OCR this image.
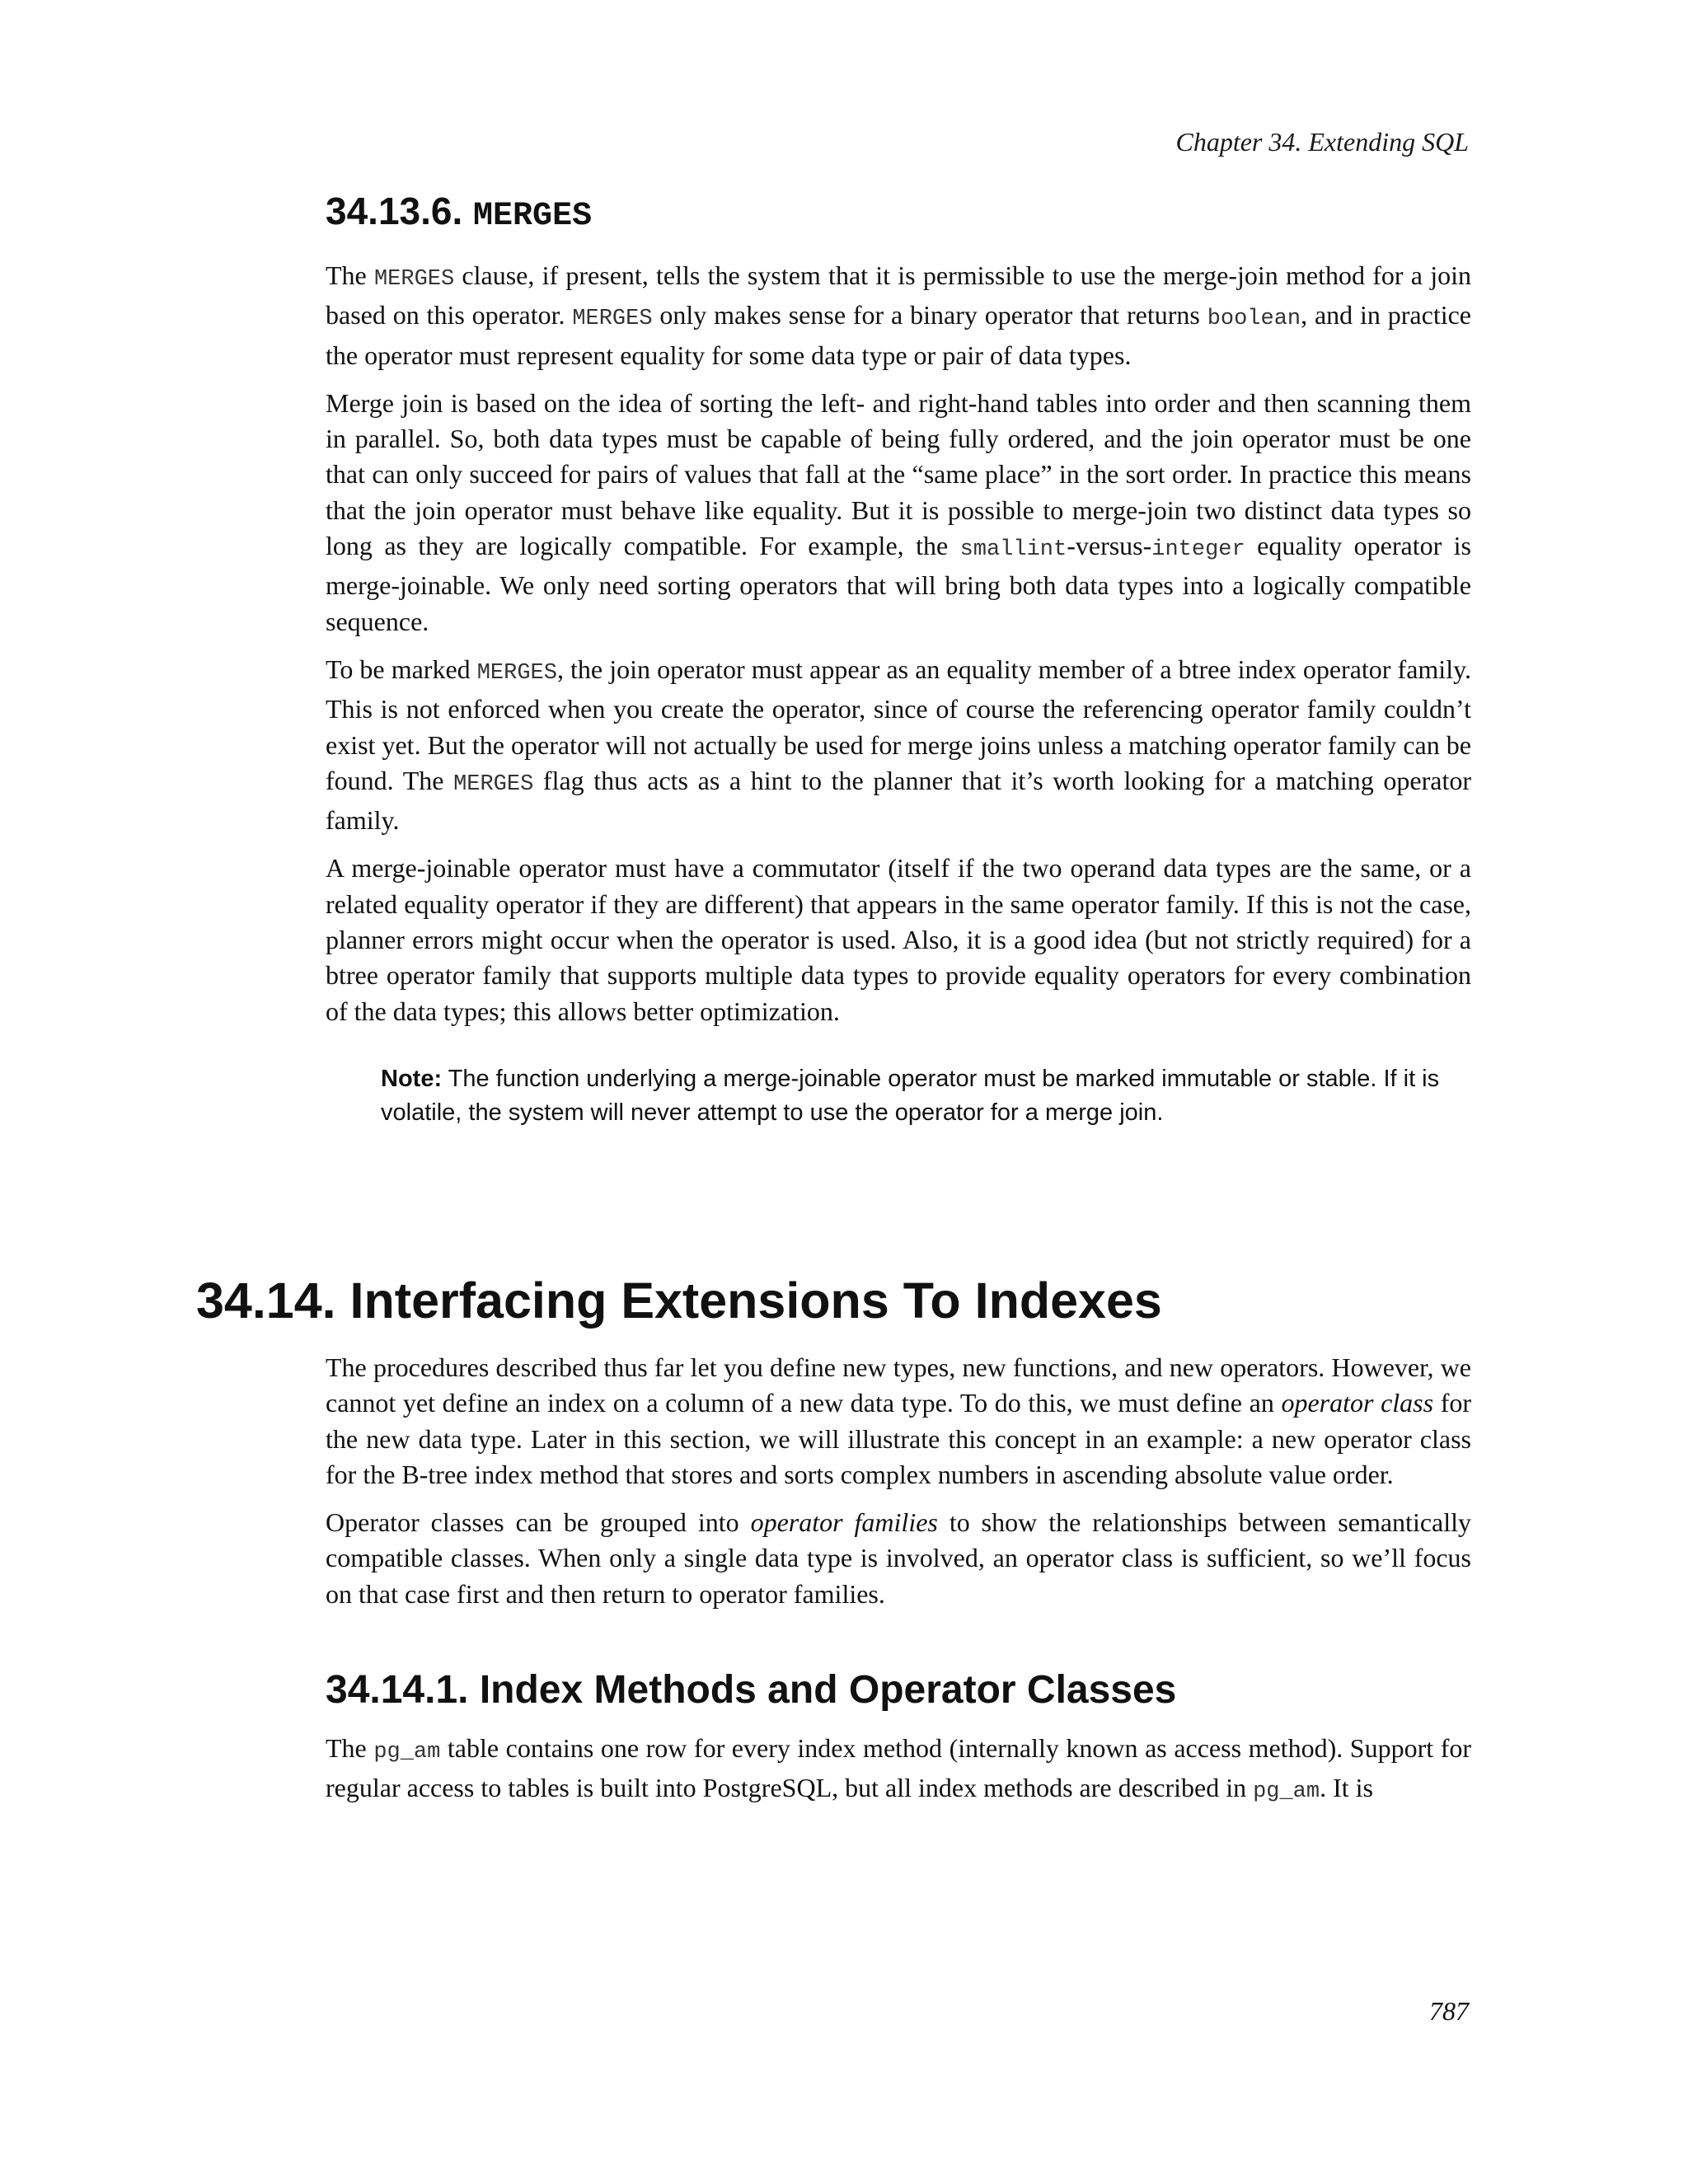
Chapter 34. Extending SQL
34.13.6. MERGES

The MERGES clause, if present, tells the system that it is permissible to use the merge-join method for a join based on this operator. MERGES only makes sense for a binary operator that returns boolean, and in practice the operator must represent equality for some data type or pair of data types.

Merge join is based on the idea of sorting the left- and right-hand tables into order and then scanning them in parallel. So, both data types must be capable of being fully ordered, and the join operator must be one that can only succeed for pairs of values that fall at the “same place” in the sort order. In practice this means that the join operator must behave like equality. But it is possible to merge-join two distinct data types so long as they are logically compatible. For example, the smallint-versus-integer equality operator is merge-joinable. We only need sorting operators that will bring both data types into a logically compatible sequence.

To be marked MERGES, the join operator must appear as an equality member of a btree index operator family. This is not enforced when you create the operator, since of course the referencing operator family couldn’t exist yet. But the operator will not actually be used for merge joins unless a matching operator family can be found. The MERGES flag thus acts as a hint to the planner that it’s worth looking for a matching operator family.

A merge-joinable operator must have a commutator (itself if the two operand data types are the same, or a related equality operator if they are different) that appears in the same operator family. If this is not the case, planner errors might occur when the operator is used. Also, it is a good idea (but not strictly required) for a btree operator family that supports multiple data types to provide equality operators for every combination of the data types; this allows better optimization.

Note: The function underlying a merge-joinable operator must be marked immutable or stable. If it is volatile, the system will never attempt to use the operator for a merge join.

34.14. Interfacing Extensions To Indexes

The procedures described thus far let you define new types, new functions, and new operators. However, we cannot yet define an index on a column of a new data type. To do this, we must define an operator class for the new data type. Later in this section, we will illustrate this concept in an example: a new operator class for the B-tree index method that stores and sorts complex numbers in ascending absolute value order.

Operator classes can be grouped into operator families to show the relationships between semantically compatible classes. When only a single data type is involved, an operator class is sufficient, so we’ll focus on that case first and then return to operator families.

34.14.1. Index Methods and Operator Classes

The pg_am table contains one row for every index method (internally known as access method). Support for regular access to tables is built into PostgreSQL, but all index methods are described in pg_am. It is

787
